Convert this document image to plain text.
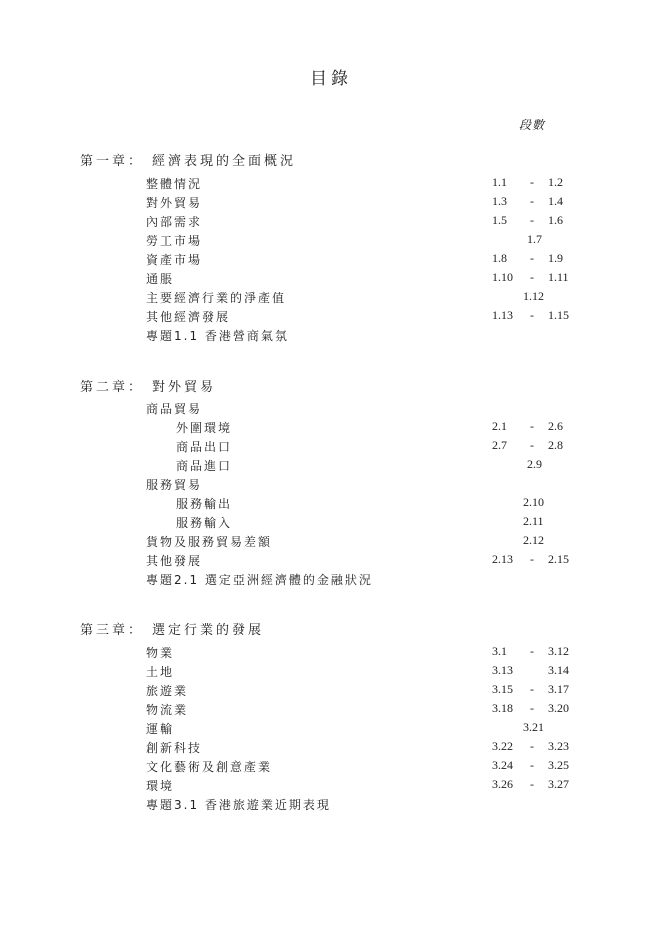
目錄
段數
第一章： 經濟表現的全面概況
整體情況	1.1 - 1.2
對外貿易	1.3 - 1.4
內部需求	1.5 - 1.6
勞工市場	1.7
資產市場	1.8 - 1.9
通脹	1.10 - 1.11
主要經濟行業的淨產值	1.12
其他經濟發展	1.13 - 1.15
專題1.1 香港營商氣氛
第二章： 對外貿易
商品貿易
外圍環境	2.1 - 2.6
商品出口	2.7 - 2.8
商品進口	2.9
服務貿易
服務輸出	2.10
服務輸入	2.11
貨物及服務貿易差額	2.12
其他發展	2.13 - 2.15
專題2.1 選定亞洲經濟體的金融狀況
第三章： 選定行業的發展
物業	3.1 - 3.12
土地	3.13	3.14
旅遊業	3.15 - 3.17
物流業	3.18 - 3.20
運輸	3.21
創新科技	3.22 - 3.23
文化藝術及創意產業	3.24 - 3.25
環境	3.26 - 3.27
專題3.1 香港旅遊業近期表現
